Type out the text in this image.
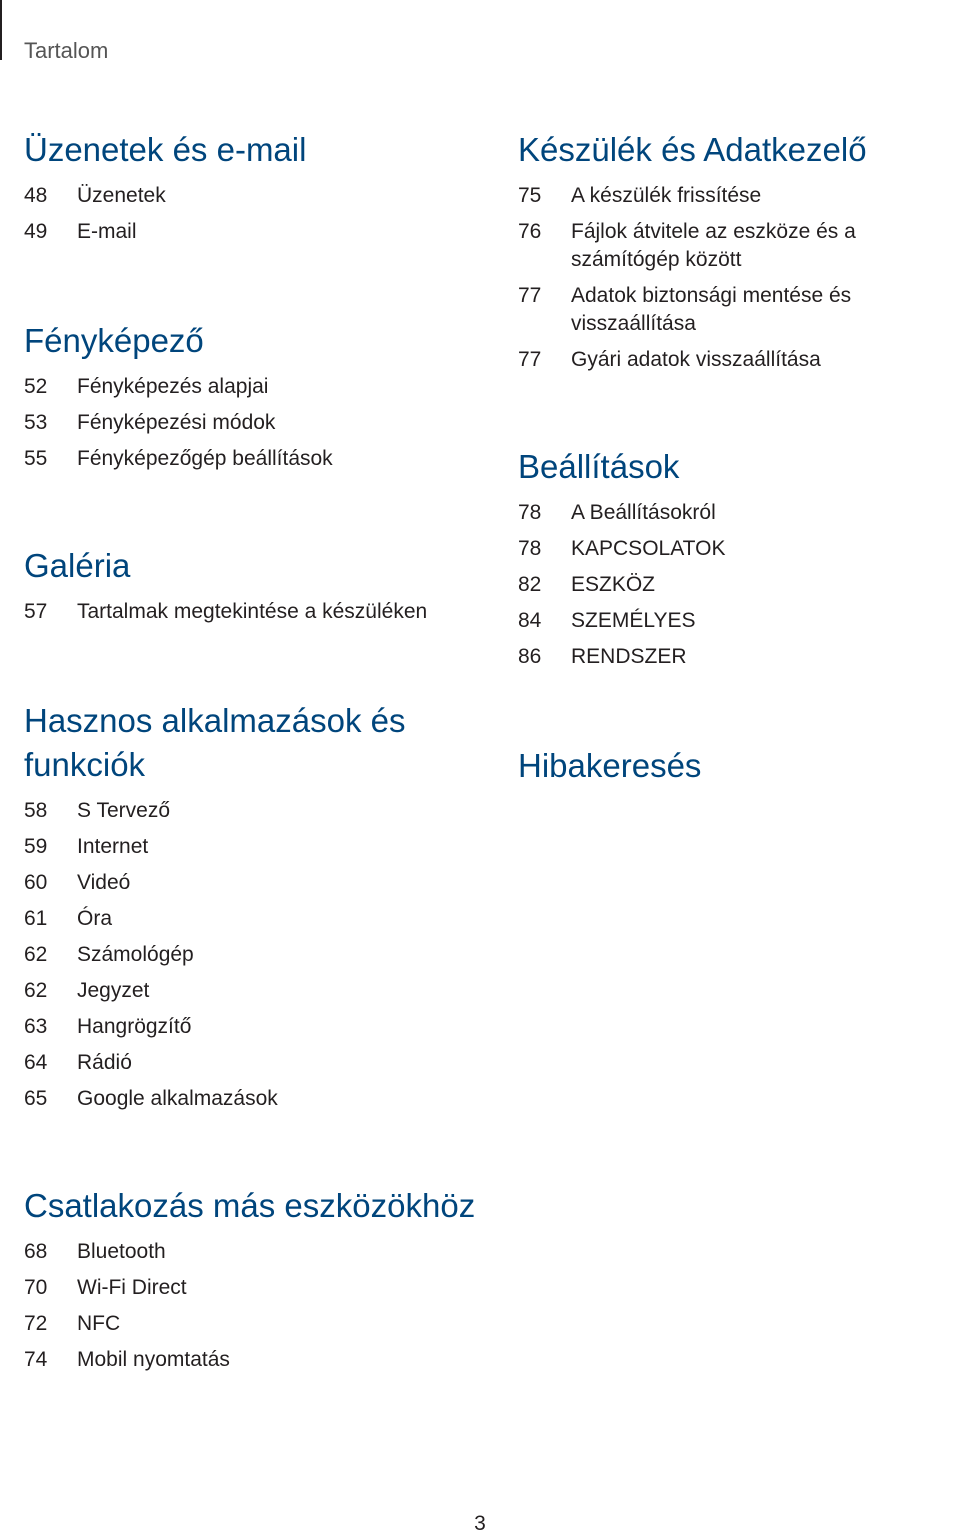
Tartalom
Üzenetek és e-mail
48	Üzenetek
49	E-mail
Fényképező
52	Fényképezés alapjai
53	Fényképezési módok
55	Fényképezőgép beállítások
Galéria
57	Tartalmak megtekintése a készüléken
Hasznos alkalmazások és funkciók
58	S Tervező
59	Internet
60	Videó
61	Óra
62	Számológép
62	Jegyzet
63	Hangrögzítő
64	Rádió
65	Google alkalmazások
Csatlakozás más eszközökhöz
68	Bluetooth
70	Wi-Fi Direct
72	NFC
74	Mobil nyomtatás
Készülék és Adatkezelő
75	A készülék frissítése
76	Fájlok átvitele az eszköze és a számítógép között
77	Adatok biztonsági mentése és visszaállítása
77	Gyári adatok visszaállítása
Beállítások
78	A Beállításokról
78	KAPCSOLATOK
82	ESZKÖZ
84	SZEMÉLYES
86	RENDSZER
Hibakeresés
3
